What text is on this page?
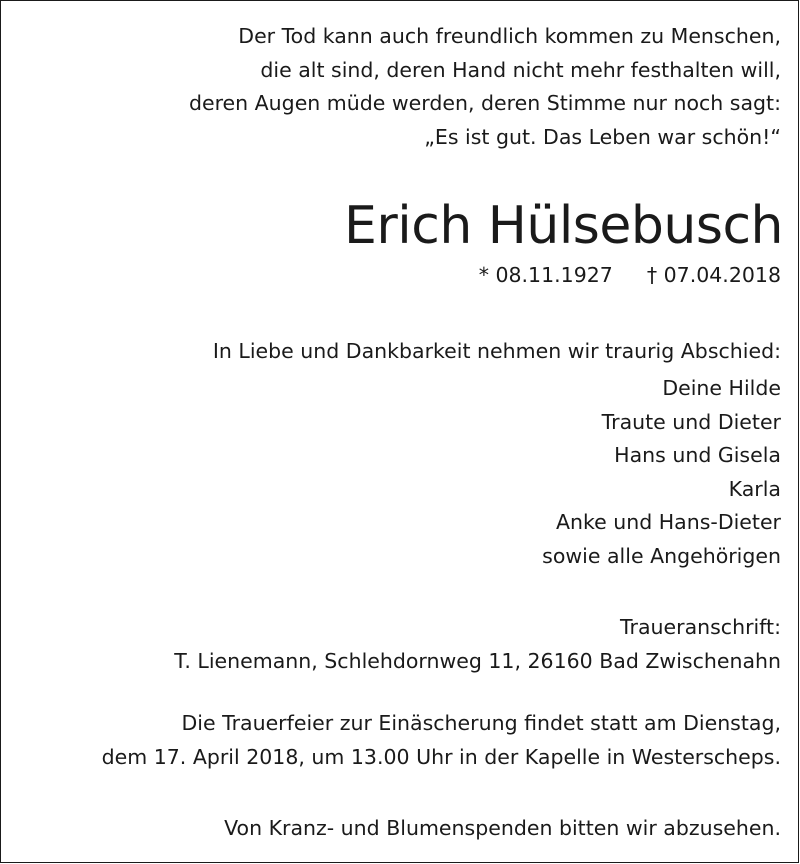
Der Tod kann auch freundlich kommen zu Menschen,
die alt sind, deren Hand nicht mehr festhalten will,
deren Augen müde werden, deren Stimme nur noch sagt:
„Es ist gut. Das Leben war schön!“
Erich Hülsebusch
* 08.11.1927 † 07.04.2018
In Liebe und Dankbarkeit nehmen wir traurig Abschied:
Deine Hilde
Traute und Dieter
Hans und Gisela
Karla
Anke und Hans-Dieter
sowie alle Angehörigen
Traueranschrift:
T. Lienemann, Schlehdornweg 11, 26160 Bad Zwischenahn
Die Trauerfeier zur Einäscherung findet statt am Dienstag,
dem 17. April 2018, um 13.00 Uhr in der Kapelle in Westerscheps.
Von Kranz- und Blumenspenden bitten wir abzusehen.
